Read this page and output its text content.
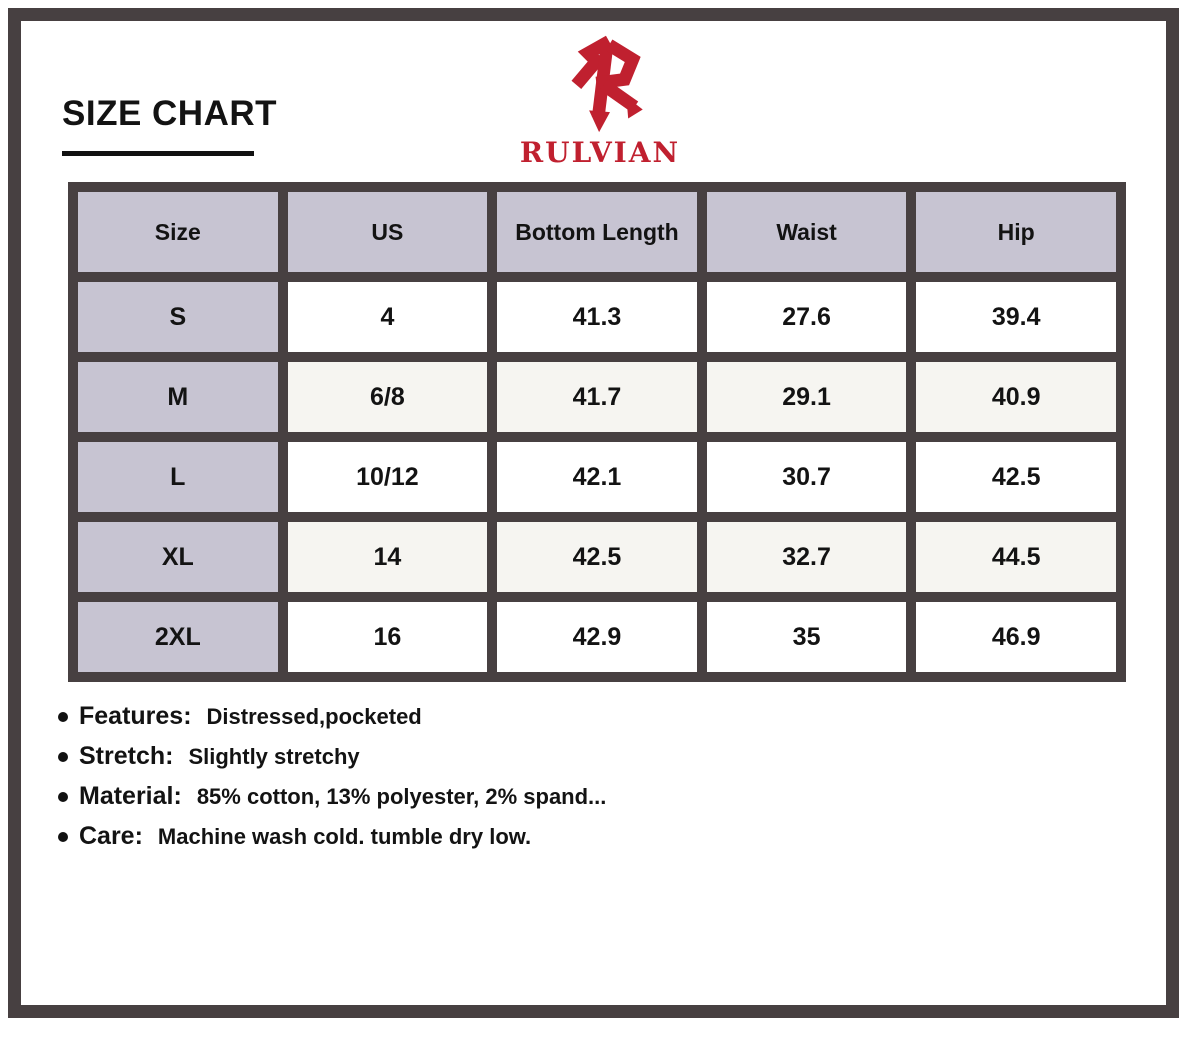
SIZE CHART
RULVIAN
Size	US	Bottom Length	Waist	Hip
S	4	41.3	27.6	39.4
M	6/8	41.7	29.1	40.9
L	10/12	42.1	30.7	42.5
XL	14	42.5	32.7	44.5
2XL	16	42.9	35	46.9
Features: Distressed,pocketed
Stretch: Slightly stretchy
Material: 85% cotton, 13% polyester, 2% spand...
Care: Machine wash cold. tumble dry low.
